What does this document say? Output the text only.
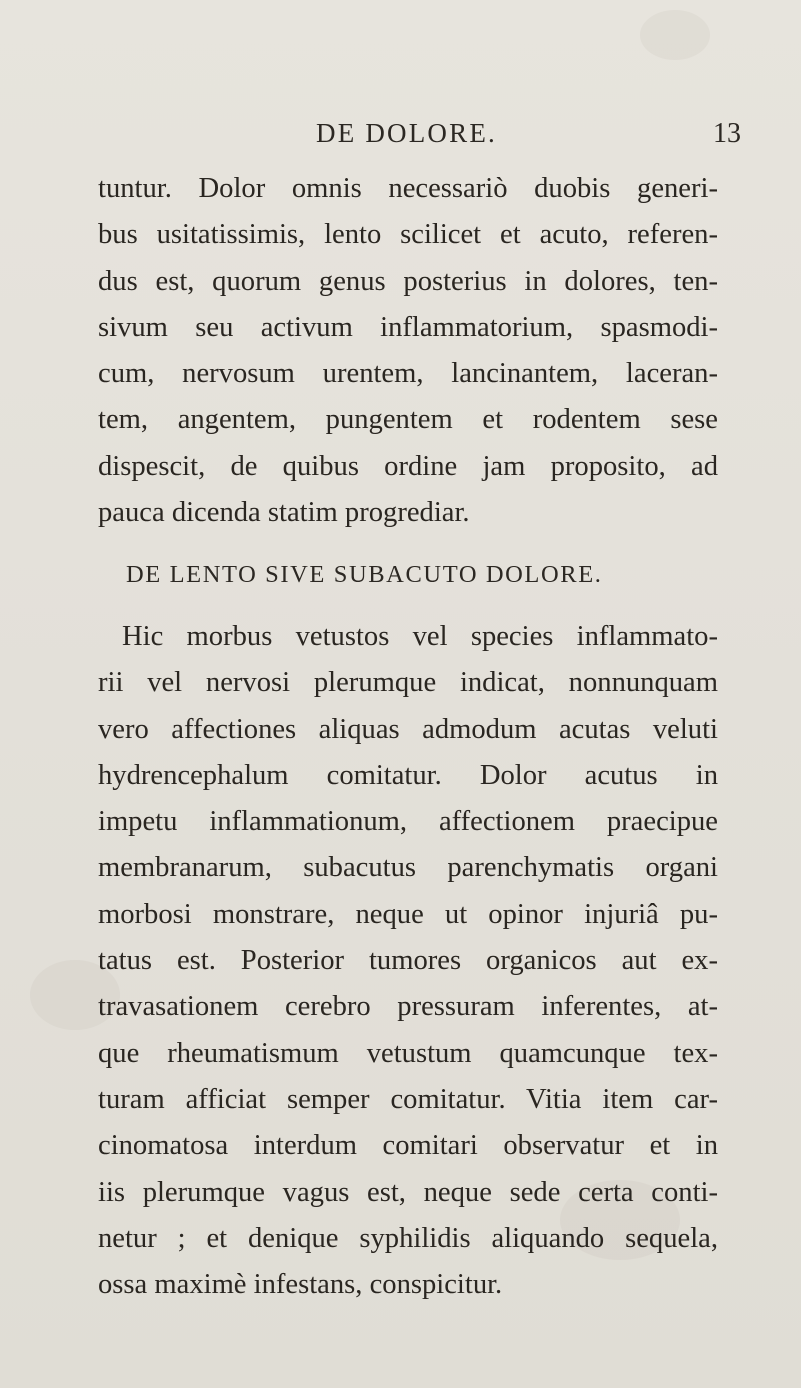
DE DOLORE.	13
tuntur. Dolor omnis necessariò duobis generi-
bus usitatissimis, lento scilicet et acuto, referen-
dus est, quorum genus posterius in dolores, ten-
sivum seu activum inflammatorium, spasmodi-
cum, nervosum urentem, lancinantem, laceran-
tem, angentem, pungentem et rodentem sese
dispescit, de quibus ordine jam proposito, ad
pauca dicenda statim progrediar.
DE LENTO SIVE SUBACUTO DOLORE.
Hic morbus vetustos vel species inflammato-
rii vel nervosi plerumque indicat, nonnunquam
vero affectiones aliquas admodum acutas veluti
hydrencephalum comitatur. Dolor acutus in
impetu inflammationum, affectionem praecipue
membranarum, subacutus parenchymatis organi
morbosi monstrare, neque ut opinor injuriâ pu-
tatus est. Posterior tumores organicos aut ex-
travasationem cerebro pressuram inferentes, at-
que rheumatismum vetustum quamcunque tex-
turam afficiat semper comitatur. Vitia item car-
cinomatosa interdum comitari observatur et in
iis plerumque vagus est, neque sede certa conti-
netur ; et denique syphilidis aliquando sequela,
ossa maximè infestans, conspicitur.
